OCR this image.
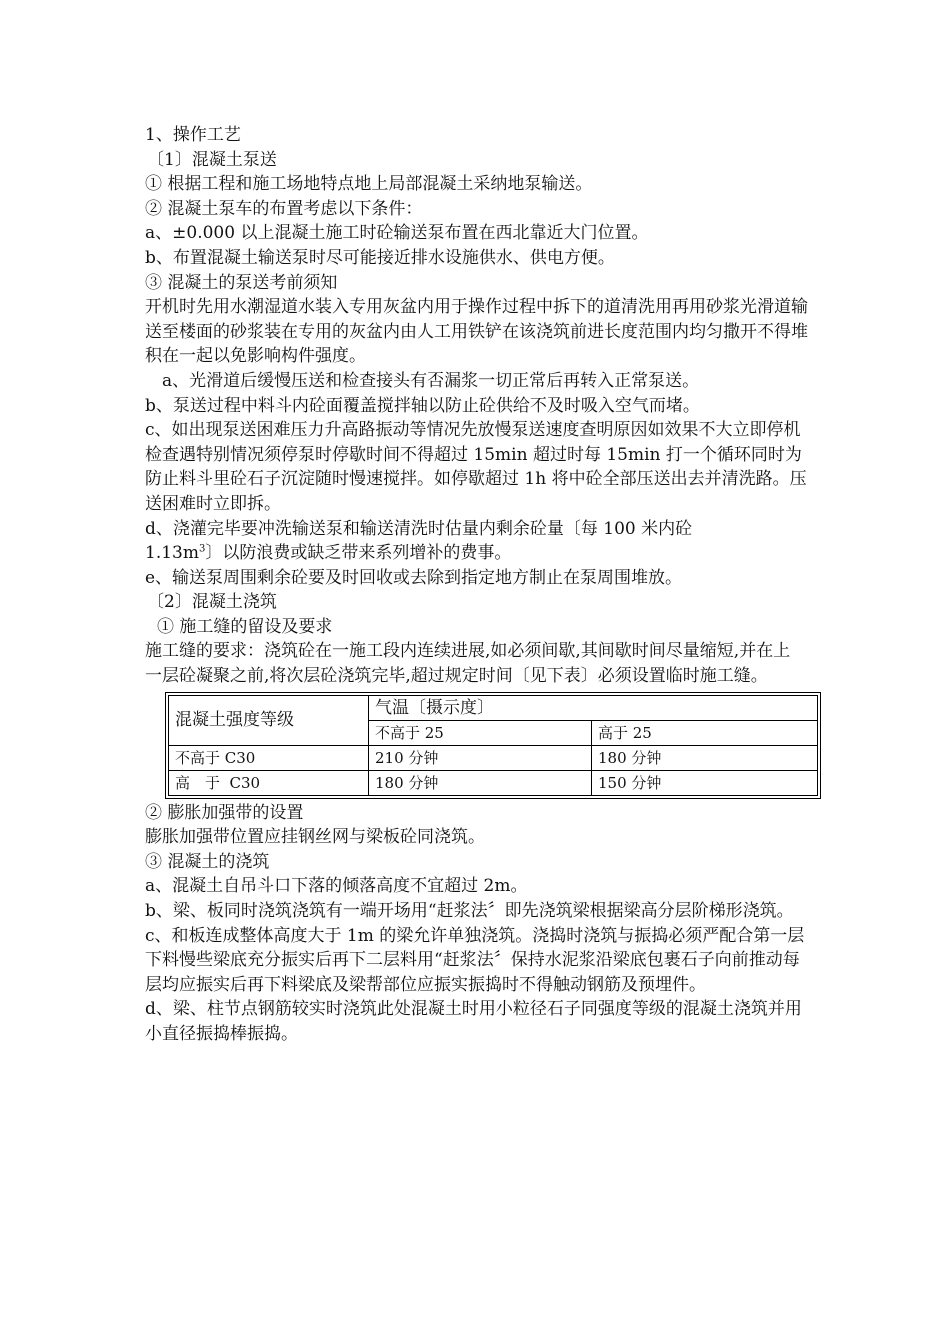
1、操作工艺
〔1〕混凝土泵送
① 根据工程和施工场地特点地上局部混凝土采纳地泵输送。
② 混凝土泵车的布置考虑以下条件：
a、±0.000 以上混凝土施工时砼输送泵布置在西北靠近大门位置。
b、布置混凝土输送泵时尽可能接近排水设施供水、供电方便。
③ 混凝土的泵送考前须知
开机时先用水潮湿道水装入专用灰盆内用于操作过程中拆下的道清洗用再用砂浆光滑道输送至楼面的砂浆装在专用的灰盆内由人工用铁铲在该浇筑前进长度范围内均匀撒开不得堆积在一起以免影响构件强度。
a、光滑道后缓慢压送和检查接头有否漏浆一切正常后再转入正常泵送。
b、泵送过程中料斗内砼面覆盖搅拌轴以防止砼供给不及时吸入空气而堵。
c、如出现泵送困难压力升高路振动等情况先放慢泵送速度查明原因如效果不大立即停机检查遇特别情况须停泵时停歇时间不得超过 15min 超过时每 15min 打一个循环同时为防止料斗里砼石子沉淀随时慢速搅拌。如停歇超过 1h 将中砼全部压送出去并清洗路。压送困难时立即拆。
d、浇灌完毕要冲洗输送泵和输送清洗时估量内剩余砼量〔每 100 米内砼
$1.13m^3$〕以防浪费或缺乏带来系列增补的费事。
e、输送泵周围剩余砼要及时回收或去除到指定地方制止在泵周围堆放。
〔2〕混凝土浇筑
① 施工缝的留设及要求
施工缝的要求：浇筑砼在一施工段内连续进展,如必须间歇,其间歇时间尽量缩短,并在上
一层砼凝聚之前,将次层砼浇筑完毕,超过规定时间〔见下表〕必须设置临时施工缝。
混凝土强度等级	气温〔摄示度〕	
	不高于 25	高于 25
不高于 C30	210 分钟	180 分钟
高　于  C30	180 分钟	150 分钟
② 膨胀加强带的设置
膨胀加强带位置应挂钢丝网与梁板砼同浇筑。
③ 混凝土的浇筑
a、混凝土自吊斗口下落的倾落高度不宜超过 2m。
b、梁、板同时浇筑浇筑有一端开场用“赶浆法〞即先浇筑梁根据梁高分层阶梯形浇筑。
c、和板连成整体高度大于 1m 的梁允许单独浇筑。浇捣时浇筑与振捣必须严配合第一层下料慢些梁底充分振实后再下二层料用“赶浆法〞保持水泥浆沿梁底包裹石子向前推动每层均应振实后再下料梁底及梁帮部位应振实振捣时不得触动钢筋及预埋件。
d、梁、柱节点钢筋较实时浇筑此处混凝土时用小粒径石子同强度等级的混凝土浇筑并用小直径振捣棒振捣。
